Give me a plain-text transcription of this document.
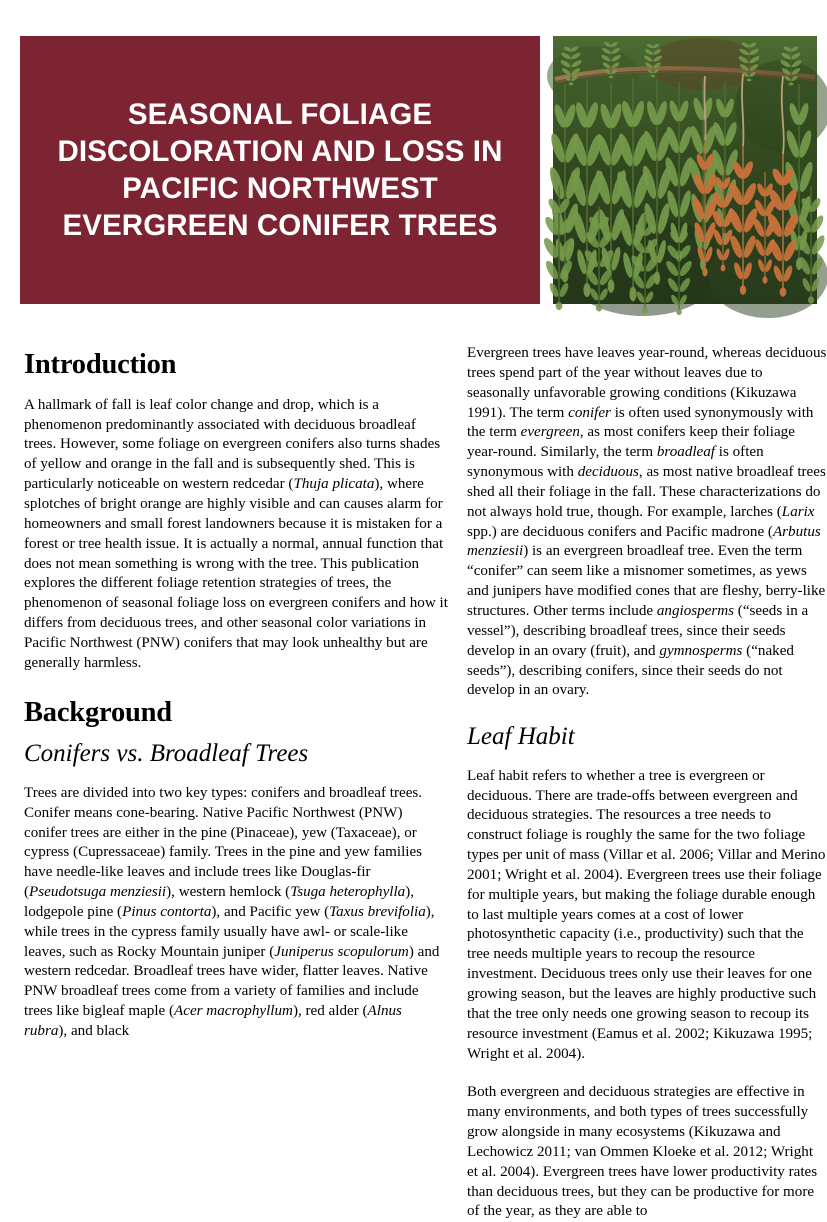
SEASONAL FOLIAGE DISCOLORATION AND LOSS IN PACIFIC NORTHWEST EVERGREEN CONIFER TREES
Introduction

A hallmark of fall is leaf color change and drop, which is a phenomenon predominantly associated with deciduous broadleaf trees. However, some foliage on evergreen conifers also turns shades of yellow and orange in the fall and is subsequently shed. This is particularly noticeable on western redcedar (Thuja plicata), where splotches of bright orange are highly visible and can causes alarm for homeowners and small forest landowners because it is mistaken for a forest or tree health issue. It is actually a normal, annual function that does not mean something is wrong with the tree. This publication explores the different foliage retention strategies of trees, the phenomenon of seasonal foliage loss on evergreen conifers and how it differs from deciduous trees, and other seasonal color variations in Pacific Northwest (PNW) conifers that may look unhealthy but are generally harmless.

Background
Conifers vs. Broadleaf Trees

Trees are divided into two key types: conifers and broadleaf trees. Conifer means cone-bearing. Native Pacific Northwest (PNW) conifer trees are either in the pine (Pinaceae), yew (Taxaceae), or cypress (Cupressaceae) family. Trees in the pine and yew families have needle-like leaves and include trees like Douglas-fir (Pseudotsuga menziesii), western hemlock (Tsuga heterophylla), lodgepole pine (Pinus contorta), and Pacific yew (Taxus brevifolia), while trees in the cypress family usually have awl- or scale-like leaves, such as Rocky Mountain juniper (Juniperus scopulorum) and western redcedar. Broadleaf trees have wider, flatter leaves. Native PNW broadleaf trees come from a variety of families and include trees like bigleaf maple (Acer macrophyllum), red alder (Alnus rubra), and black

Evergreen trees have leaves year-round, whereas deciduous trees spend part of the year without leaves due to seasonally unfavorable growing conditions (Kikuzawa 1991). The term conifer is often used synonymously with the term evergreen, as most conifers keep their foliage year-round. Similarly, the term broadleaf is often synonymous with deciduous, as most native broadleaf trees shed all their foliage in the fall. These characterizations do not always hold true, though. For example, larches (Larix spp.) are deciduous conifers and Pacific madrone (Arbutus menziesii) is an evergreen broadleaf tree. Even the term “conifer” can seem like a misnomer sometimes, as yews and junipers have modified cones that are fleshy, berry-like structures. Other terms include angiosperms (“seeds in a vessel”), describing broadleaf trees, since their seeds develop in an ovary (fruit), and gymnosperms (“naked seeds”), describing conifers, since their seeds do not develop in an ovary.

Leaf Habit

Leaf habit refers to whether a tree is evergreen or deciduous. There are trade-offs between evergreen and deciduous strategies. The resources a tree needs to construct foliage is roughly the same for the two foliage types per unit of mass (Villar et al. 2006; Villar and Merino 2001; Wright et al. 2004). Evergreen trees use their foliage for multiple years, but making the foliage durable enough to last multiple years comes at a cost of lower photosynthetic capacity (i.e., productivity) such that the tree needs multiple years to recoup the resource investment. Deciduous trees only use their leaves for one growing season, but the leaves are highly productive such that the tree only needs one growing season to recoup its resource investment (Eamus et al. 2002; Kikuzawa 1995; Wright et al. 2004).

Both evergreen and deciduous strategies are effective in many environments, and both types of trees successfully grow alongside in many ecosystems (Kikuzawa and Lechowicz 2011; van Ommen Kloeke et al. 2012; Wright et al. 2004). Evergreen trees have lower productivity rates than deciduous trees, but they can be productive for more of the year, as they are able to
